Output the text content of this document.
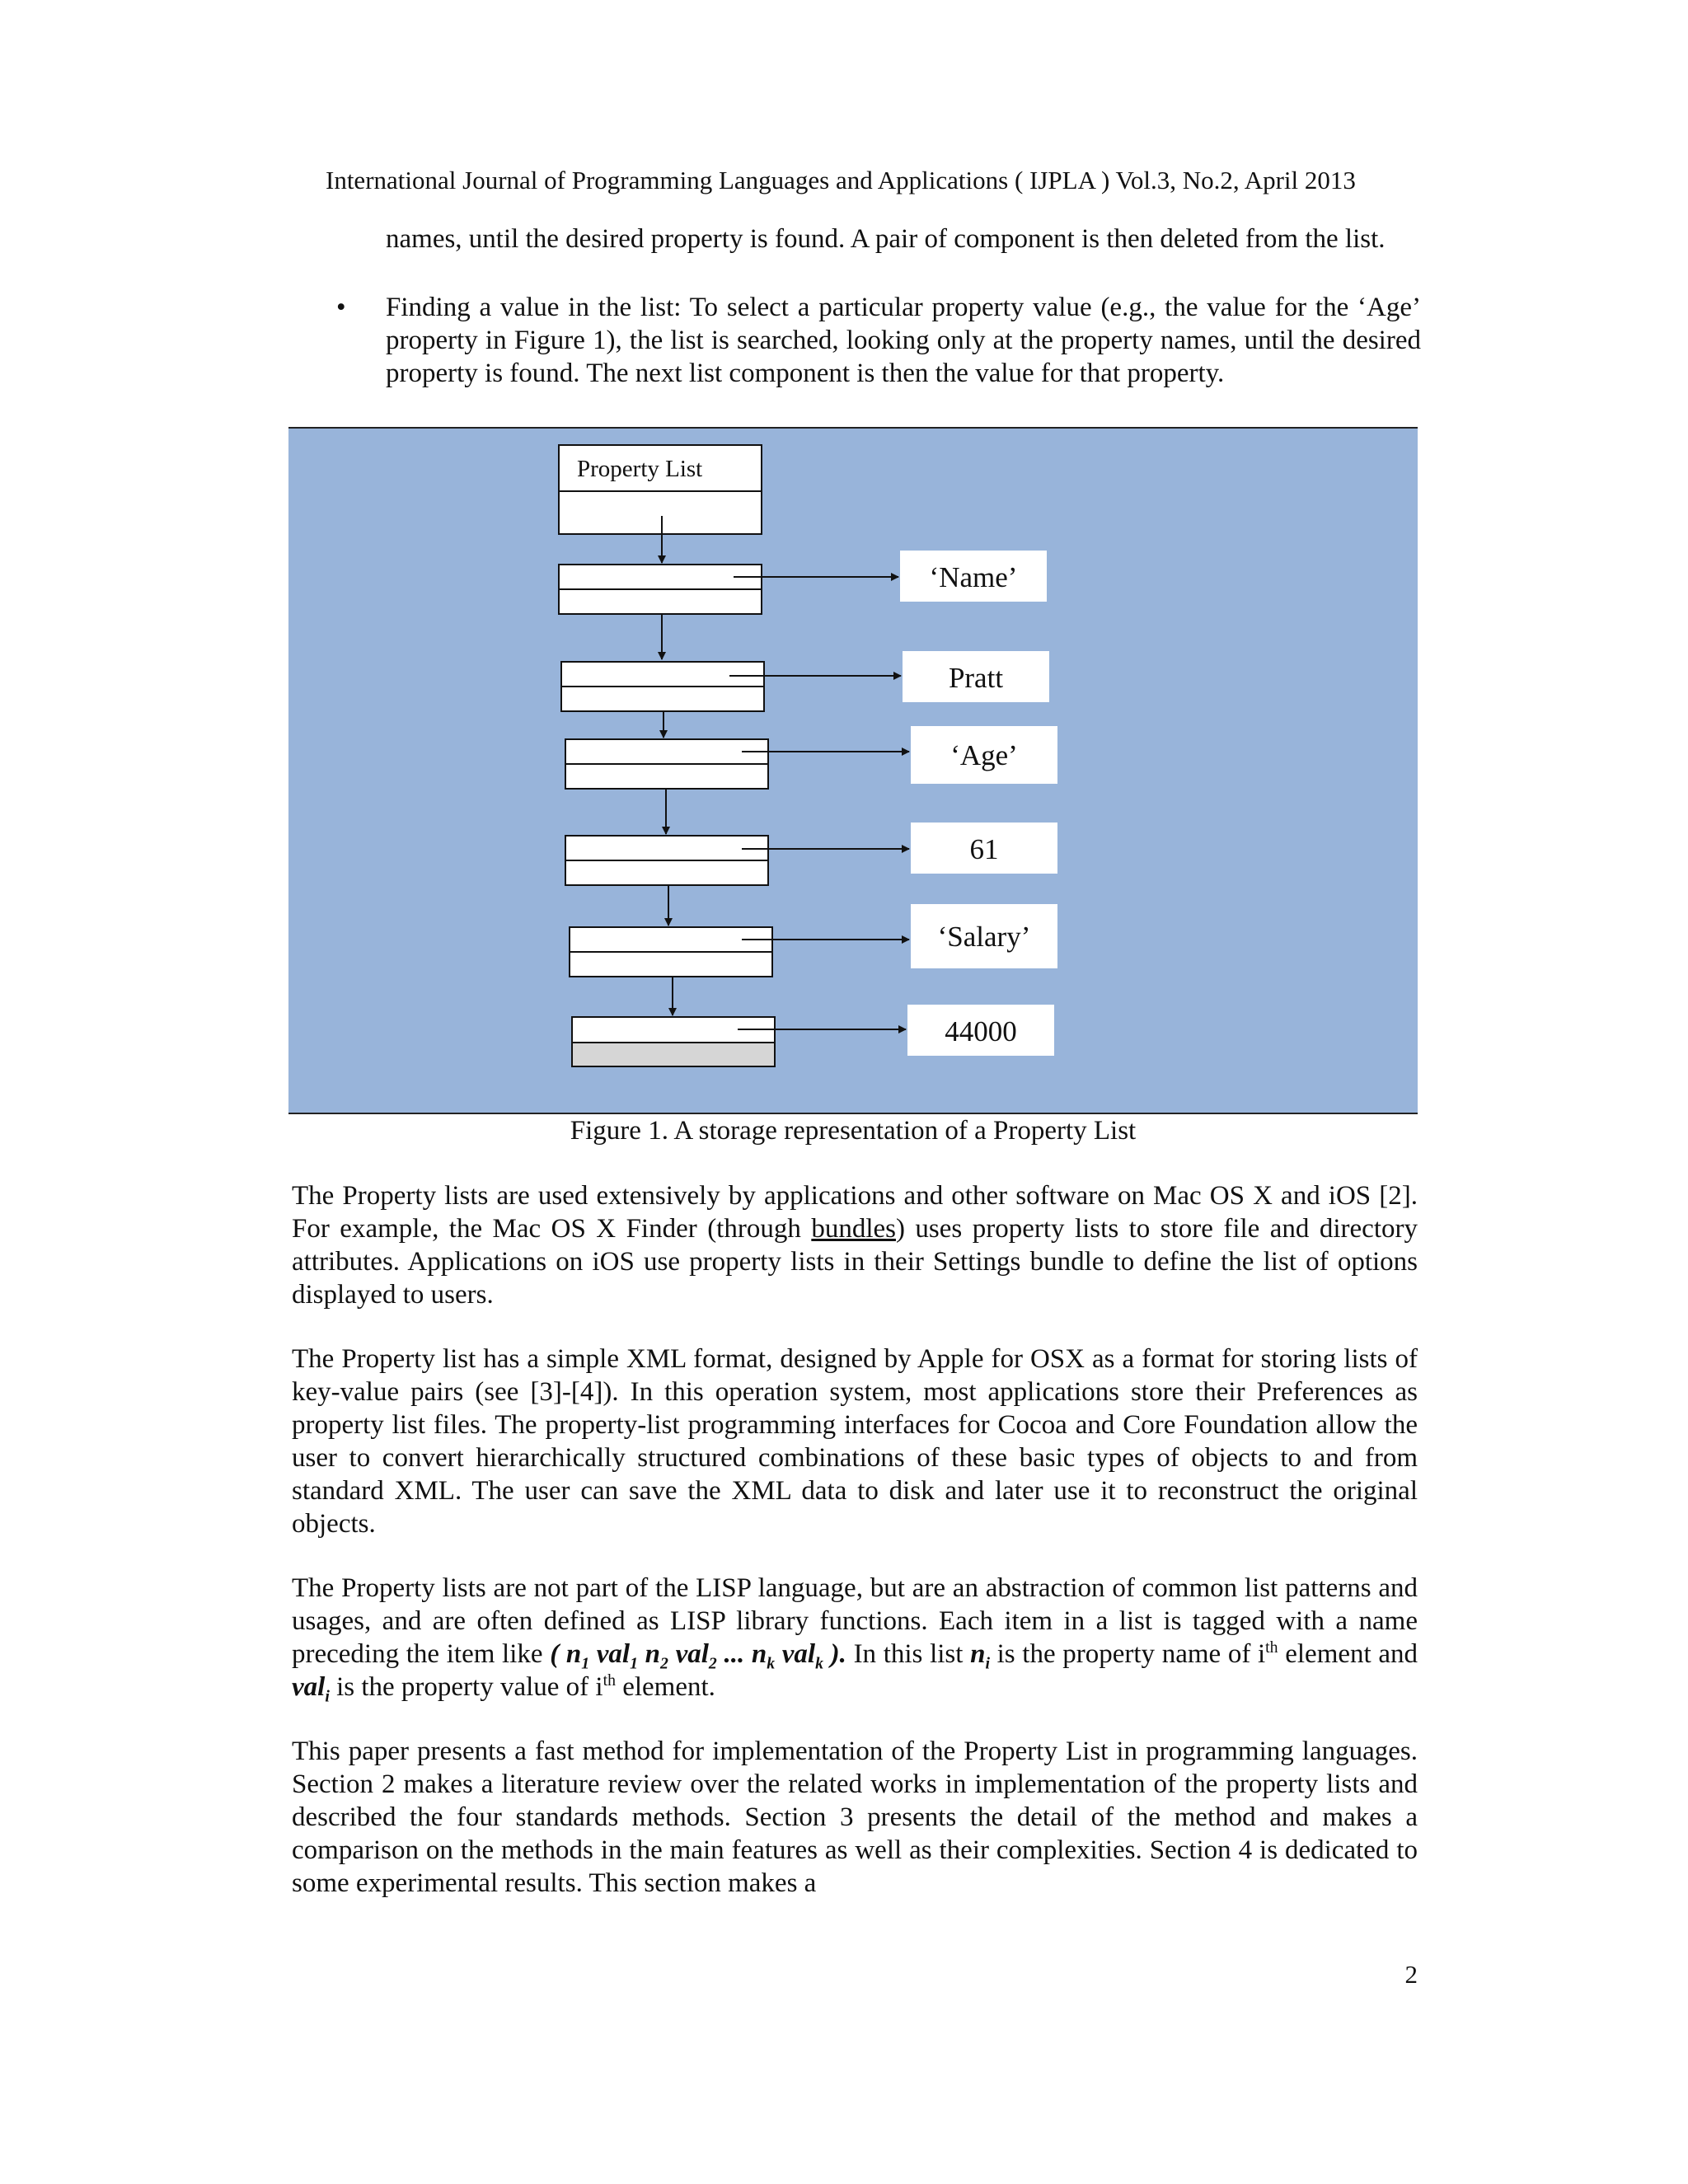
International Journal of Programming Languages and Applications ( IJPLA ) Vol.3, No.2, April 2013
names, until the desired property is found. A pair of component is then deleted from the list.
• Finding a value in the list: To select a particular property value (e.g., the value for the ‘Age’ property in Figure 1), the list is searched, looking only at the property names, until the desired property is found. The next list component is then the value for that property.
Property List
‘Name’
Pratt
‘Age’
61
‘Salary’
44000
Figure 1. A storage representation of a Property List
The Property lists are used extensively by applications and other software on Mac OS X and iOS [2]. For example, the Mac OS X Finder (through bundles) uses property lists to store file and directory attributes. Applications on iOS use property lists in their Settings bundle to define the list of options displayed to users.
The Property list has a simple XML format, designed by Apple for OSX as a format for storing lists of key-value pairs (see [3]-[4]). In this operation system, most applications store their Preferences as property list files. The property-list programming interfaces for Cocoa and Core Foundation allow the user to convert hierarchically structured combinations of these basic types of objects to and from standard XML. The user can save the XML data to disk and later use it to reconstruct the original objects.
The Property lists are not part of the LISP language, but are an abstraction of common list patterns and usages, and are often defined as LISP library functions. Each item in a list is tagged with a name preceding the item like ( $n_1$ val$_1$ $n_2$ val$_2$ ... $n_k$ val$_k$ ). In this list $n_i$ is the property name of $i^{th}$ element and val$_i$ is the property value of $i^{th}$ element.
This paper presents a fast method for implementation of the Property List in programming languages. Section 2 makes a literature review over the related works in implementation of the property lists and described the four standards methods. Section 3 presents the detail of the method and makes a comparison on the methods in the main features as well as their complexities. Section 4 is dedicated to some experimental results. This section makes a
2
